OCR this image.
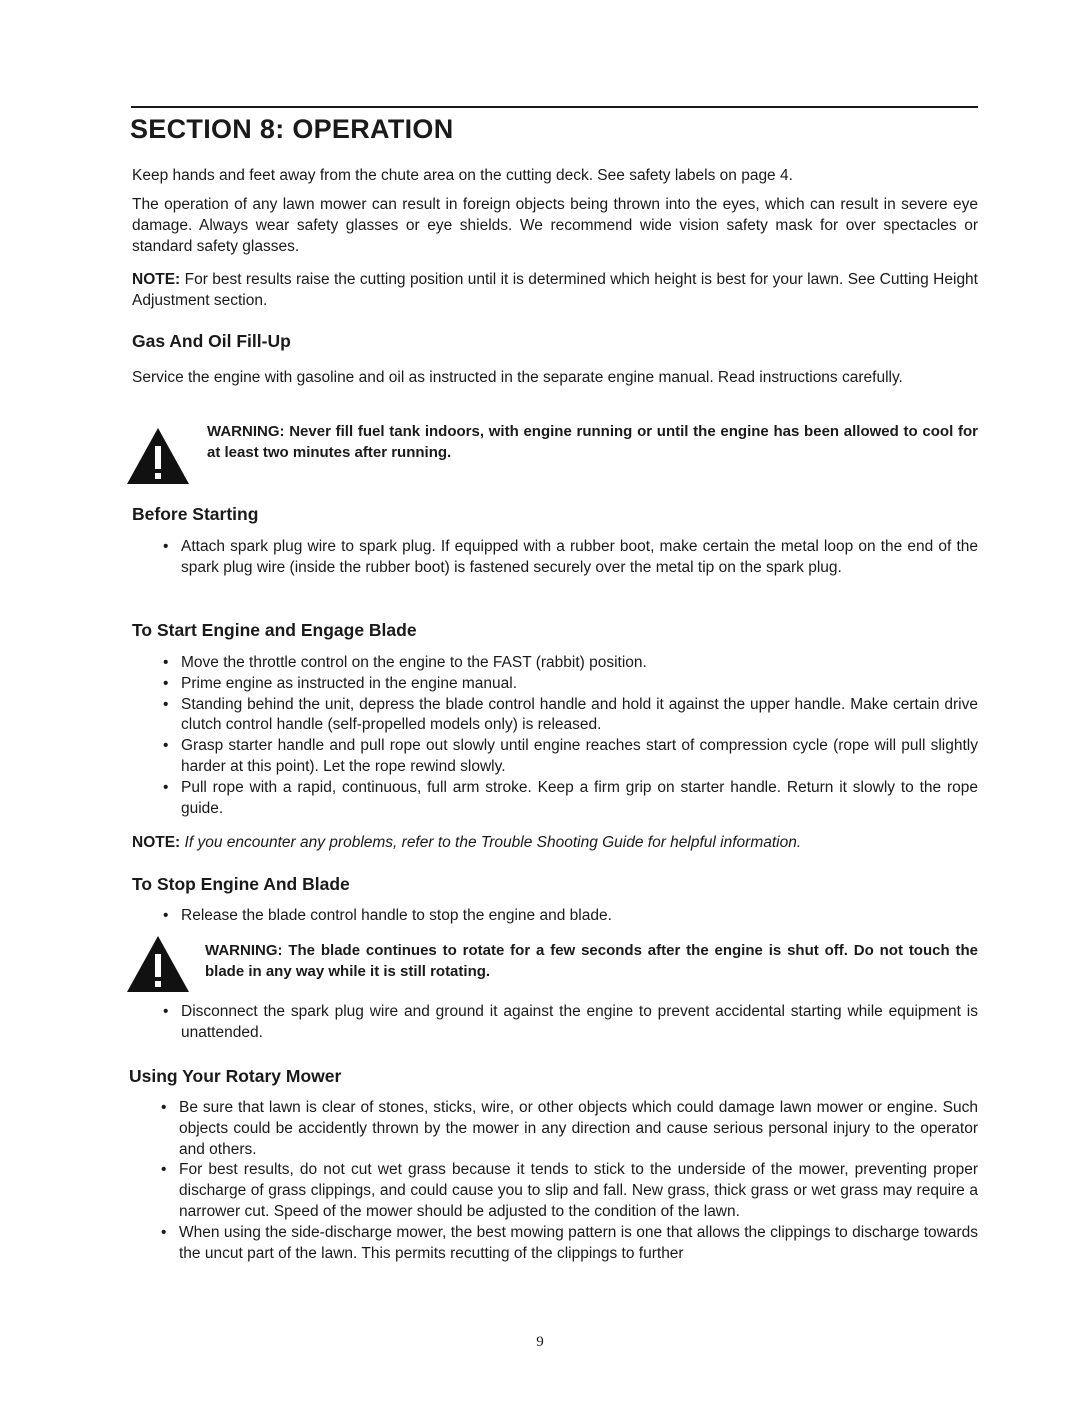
SECTION 8: OPERATION
Keep hands and feet away from the chute area on the cutting deck. See safety labels on page 4.
The operation of any lawn mower can result in foreign objects being thrown into the eyes, which can result in severe eye damage. Always wear safety glasses or eye shields. We recommend wide vision safety mask for over spectacles or standard safety glasses.
NOTE: For best results raise the cutting position until it is determined which height is best for your lawn. See Cutting Height Adjustment section.
Gas And Oil Fill-Up
Service the engine with gasoline and oil as instructed in the separate engine manual. Read instructions carefully.
WARNING: Never fill fuel tank indoors, with engine running or until the engine has been allowed to cool for at least two minutes after running.
Before Starting
• Attach spark plug wire to spark plug. If equipped with a rubber boot, make certain the metal loop on the end of the spark plug wire (inside the rubber boot) is fastened securely over the metal tip on the spark plug.
To Start Engine and Engage Blade
• Move the throttle control on the engine to the FAST (rabbit) position.
• Prime engine as instructed in the engine manual.
• Standing behind the unit, depress the blade control handle and hold it against the upper handle. Make certain drive clutch control handle (self-propelled models only) is released.
• Grasp starter handle and pull rope out slowly until engine reaches start of compression cycle (rope will pull slightly harder at this point). Let the rope rewind slowly.
• Pull rope with a rapid, continuous, full arm stroke. Keep a firm grip on starter handle. Return it slowly to the rope guide.
NOTE: If you encounter any problems, refer to the Trouble Shooting Guide for helpful information.
To Stop Engine And Blade
• Release the blade control handle to stop the engine and blade.
WARNING: The blade continues to rotate for a few seconds after the engine is shut off. Do not touch the blade in any way while it is still rotating.
• Disconnect the spark plug wire and ground it against the engine to prevent accidental starting while equipment is unattended.
Using Your Rotary Mower
• Be sure that lawn is clear of stones, sticks, wire, or other objects which could damage lawn mower or engine. Such objects could be accidently thrown by the mower in any direction and cause serious personal injury to the operator and others.
• For best results, do not cut wet grass because it tends to stick to the underside of the mower, preventing proper discharge of grass clippings, and could cause you to slip and fall. New grass, thick grass or wet grass may require a narrower cut. Speed of the mower should be adjusted to the condition of the lawn.
• When using the side-discharge mower, the best mowing pattern is one that allows the clippings to discharge towards the uncut part of the lawn. This permits recutting of the clippings to further
9
